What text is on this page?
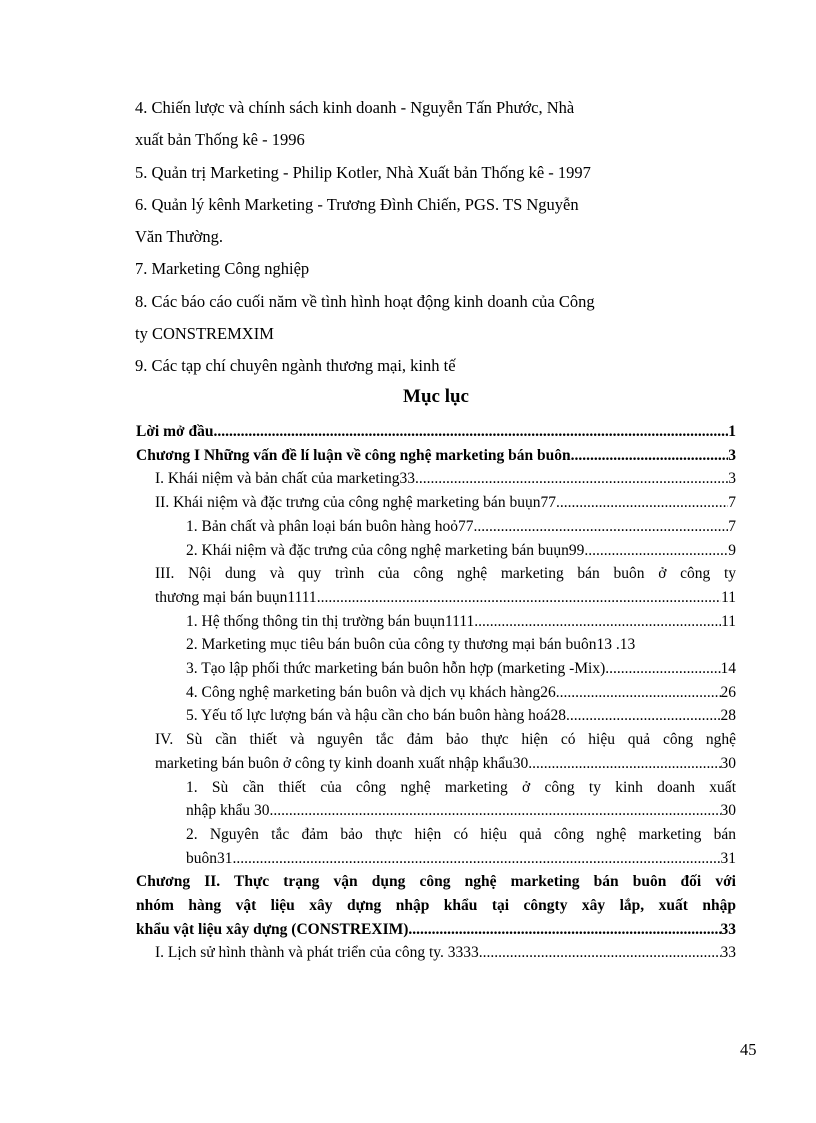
4. Chiến lược và chính sách kinh doanh - Nguyễn Tấn Phước, Nhà
xuất bản Thống kê - 1996
5. Quản trị Marketing - Philip Kotler, Nhà Xuất bản Thống kê - 1997
6. Quản lý kênh Marketing - Trương Đình Chiến, PGS. TS Nguyễn
Văn Thường.
7. Marketing Công nghiệp
8. Các báo cáo cuối năm về tình hình hoạt động kinh doanh của Công
ty CONSTREMXIM
9. Các tạp chí chuyên ngành thương mại, kinh tế
Mục lục
Lời mở đầu .....	1
Chương I Những vấn đề lí luận về công nghệ marketing bán buôn .....	3
I. Khái niệm và bản chất của marketing33 .....	3
II. Khái niệm và đặc trưng của công nghệ marketing bán buụn77 .....	7
1. Bản chất và phân loại bán buôn hàng hoỏ77 .....	7
2. Khái niệm và đặc trưng của công nghệ marketing bán buụn99 .....	9
III. Nội dung và quy trình của công nghệ marketing bán buôn ở công ty
thương mại bán buụn1111 .....	11
1. Hệ thống thông tin thị trường bán buụn1111 .....	11
2. Marketing mục tiêu bán buôn của công ty thương mại bán buôn13 . 13
3. Tạo lập phối thức marketing bán buôn hỗn hợp (marketing -Mix) .....	14
4. Công nghệ marketing bán buôn và dịch vụ khách hàng26 .....	26
5. Yếu tố lực lượng bán và hậu cần cho bán buôn hàng hoá28 .....	28
IV. Sù cần thiết và nguyên tắc đảm bảo thực hiện có hiệu quả công nghệ
marketing bán buôn ở công ty kinh doanh xuất nhập khẩu30 .....	30
1. Sù cần thiết của công nghệ marketing ở công ty kinh doanh xuất
nhập khẩu 30 .....	30
2. Nguyên tắc đảm bảo thực hiện có hiệu quả công nghệ marketing bán
buôn31 .....	31
Chương II. Thực trạng vận dụng công nghệ marketing bán buôn đối với
nhóm hàng vật liệu xây dựng nhập khẩu tại côngty xây lắp, xuất nhập
khẩu vật liệu xây dựng (CONSTREXIM) .....	33
I. Lịch sử hình thành và phát triển của công ty. 3333 .....	33
45
